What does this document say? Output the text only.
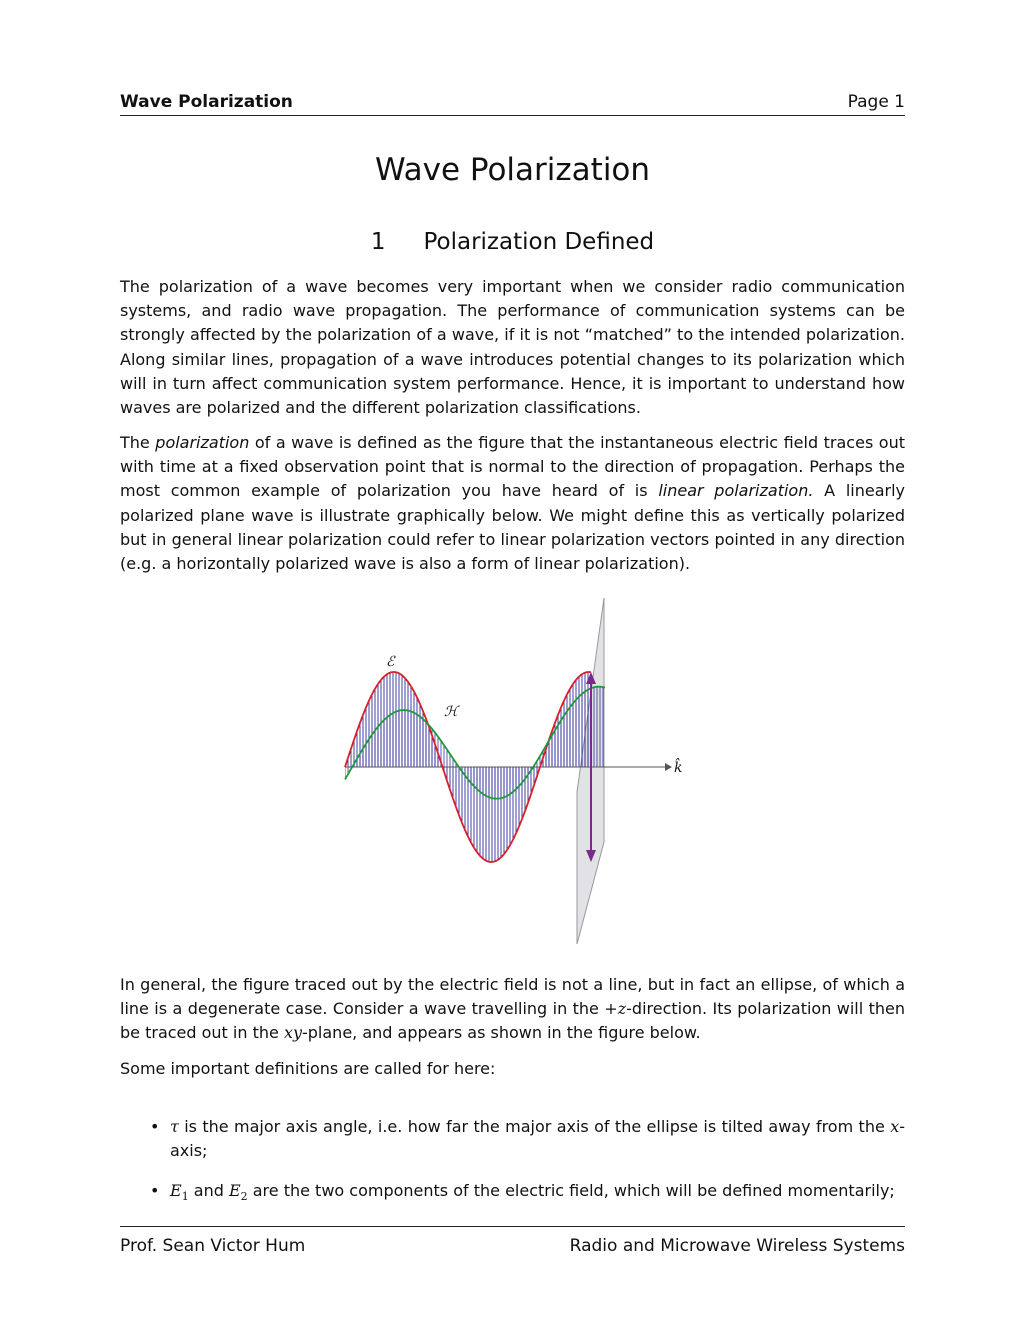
Wave Polarization	Page 1
Wave Polarization
1 Polarization Defined

The polarization of a wave becomes very important when we consider radio communication systems, and radio wave propagation. The performance of communication systems can be strongly affected by the polarization of a wave, if it is not “matched” to the intended polarization. Along similar lines, propagation of a wave introduces potential changes to its polarization which will in turn affect communication system performance. Hence, it is important to understand how waves are polarized and the different polarization classifications.

The polarization of a wave is defined as the figure that the instantaneous electric field traces out with time at a fixed observation point that is normal to the direction of propagation. Perhaps the most common example of polarization you have heard of is linear polarization. A linearly polarized plane wave is illustrate graphically below. We might define this as vertically polarized but in general linear polarization could refer to linear polarization vectors pointed in any direction (e.g. a horizontally polarized wave is also a form of linear polarization).

ℰ
ℋ
k̂

In general, the figure traced out by the electric field is not a line, but in fact an ellipse, of which a line is a degenerate case. Consider a wave travelling in the +z-direction. Its polarization will then be traced out in the xy-plane, and appears as shown in the figure below.

Some important definitions are called for here:

• τ is the major axis angle, i.e. how far the major axis of the ellipse is tilted away from the x-axis;
• $E_1$ and $E_2$ are the two components of the electric field, which will be defined momentarily;
Prof. Sean Victor Hum	Radio and Microwave Wireless Systems
